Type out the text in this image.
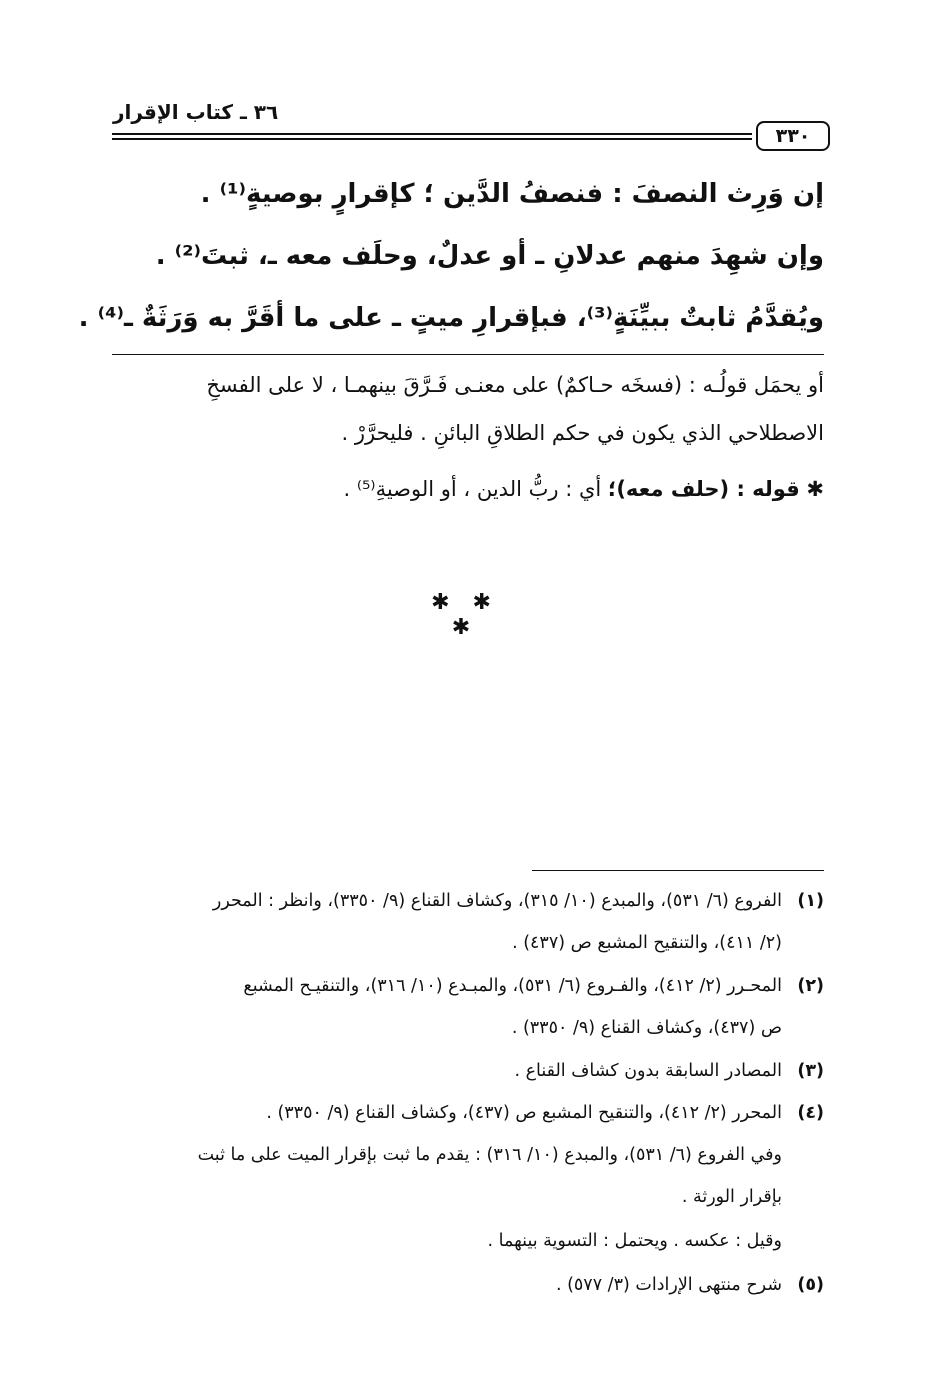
٣٣٠
٣٦ ـ كتاب الإقرار
إن وَرِث النصفَ : فنصفُ الدَّين ؛ كإقرارٍ بوصيةٍ⁽¹⁾ .
وإن شهِدَ منهم عدلانِ ـ أو عدلٌ، وحلَف معه ـ، ثبتَ⁽²⁾ .
ويُقدَّمُ ثابتٌ ببيِّنَةٍ⁽³⁾، فبإقرارِ ميتٍ ـ على ما أقَرَّ به وَرَثَةٌ ـ⁽⁴⁾ .
أو يحمَل قولُـه : (فسخَه حـاكمٌ) على معنـى فَـرَّقَ بينهمـا ، لا على الفسخِ
الاصطلاحي الذي يكون في حكم الطلاقِ البائنِ . فليحرَّرْ .
✱ قوله : (حلف معه)؛ أي : ربُّ الدين ، أو الوصيةِ⁽⁵⁾ .
✱ ✱ ✱
(١)
الفروع (٦/ ٥٣١)، والمبدع (١٠/ ٣١٥)، وكشاف القناع (٩/ ٣٣٥٠)، وانظر : المحرر
(٢/ ٤١١)، والتنقيح المشبع ص (٤٣٧) .
(٢)
المحـرر (٢/ ٤١٢)، والفـروع (٦/ ٥٣١)، والمبـدع (١٠/ ٣١٦)، والتنقيـح المشبع
ص (٤٣٧)، وكشاف القناع (٩/ ٣٣٥٠) .
(٣)
المصادر السابقة بدون كشاف القناع .
(٤)
المحرر (٢/ ٤١٢)، والتنقيح المشبع ص (٤٣٧)، وكشاف القناع (٩/ ٣٣٥٠) .
وفي الفروع (٦/ ٥٣١)، والمبدع (١٠/ ٣١٦) : يقدم ما ثبت بإقرار الميت على ما ثبت
بإقرار الورثة .
وقيل : عكسه . ويحتمل : التسوية بينهما .
(٥)
شرح منتهى الإرادات (٣/ ٥٧٧) .
